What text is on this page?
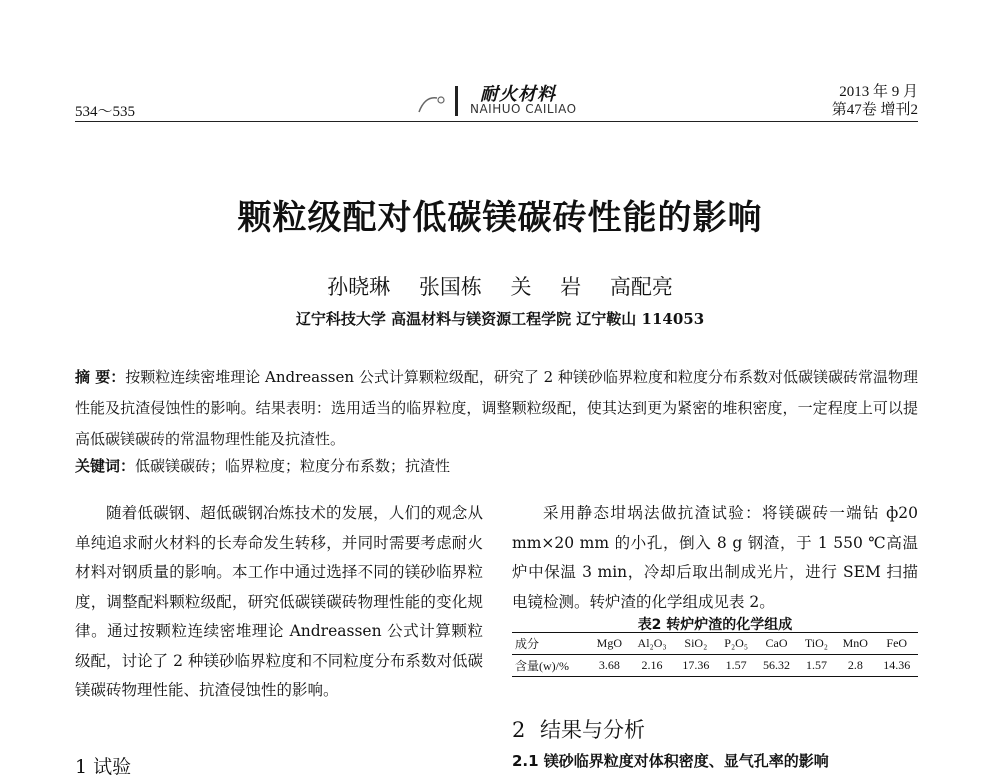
534～535
耐火材料
NAIHUO CAILIAO
2013 年 9 月
第47卷 增刊2
颗粒级配对低碳镁碳砖性能的影响
孙晓琳 张国栋 关 岩 高配亮
辽宁科技大学 高温材料与镁资源工程学院 辽宁鞍山 114053
摘 要：按颗粒连续密堆理论 Andreassen 公式计算颗粒级配，研究了 2 种镁砂临界粒度和粒度分布系数对低碳镁碳砖常温物理性能及抗渣侵蚀性的影响。结果表明：选用适当的临界粒度，调整颗粒级配，使其达到更为紧密的堆积密度，一定程度上可以提高低碳镁碳砖的常温物理性能及抗渣性。
关键词：低碳镁碳砖；临界粒度；粒度分布系数；抗渣性
随着低碳钢、超低碳钢冶炼技术的发展，人们的观念从单纯追求耐火材料的长寿命发生转移，并同时需要考虑耐火材料对钢质量的影响。本工作中通过选择不同的镁砂临界粒度，调整配料颗粒级配，研究低碳镁碳砖物理性能的变化规律。通过按颗粒连续密堆理论 Andreassen 公式计算颗粒级配，讨论了 2 种镁砂临界粒度和不同粒度分布系数对低碳镁碳砖物理性能、抗渣侵蚀性的影响。
1 试验
采用静态坩埚法做抗渣试验：将镁碳砖一端钻 ф20 mm×20 mm 的小孔，倒入 8 g 钢渣，于 1 550 ℃高温炉中保温 3 min，冷却后取出制成光片，进行 SEM 扫描电镜检测。转炉渣的化学组成见表 2。
表2 转炉炉渣的化学组成
成分	MgO	Al₂O₃	SiO₂	P₂O₅	CaO	TiO₂	MnO	FeO
含量(w)/%	3.68	2.16	17.36	1.57	56.32	1.57	2.8	14.36
2 结果与分析
2.1 镁砂临界粒度对体积密度、显气孔率的影响
